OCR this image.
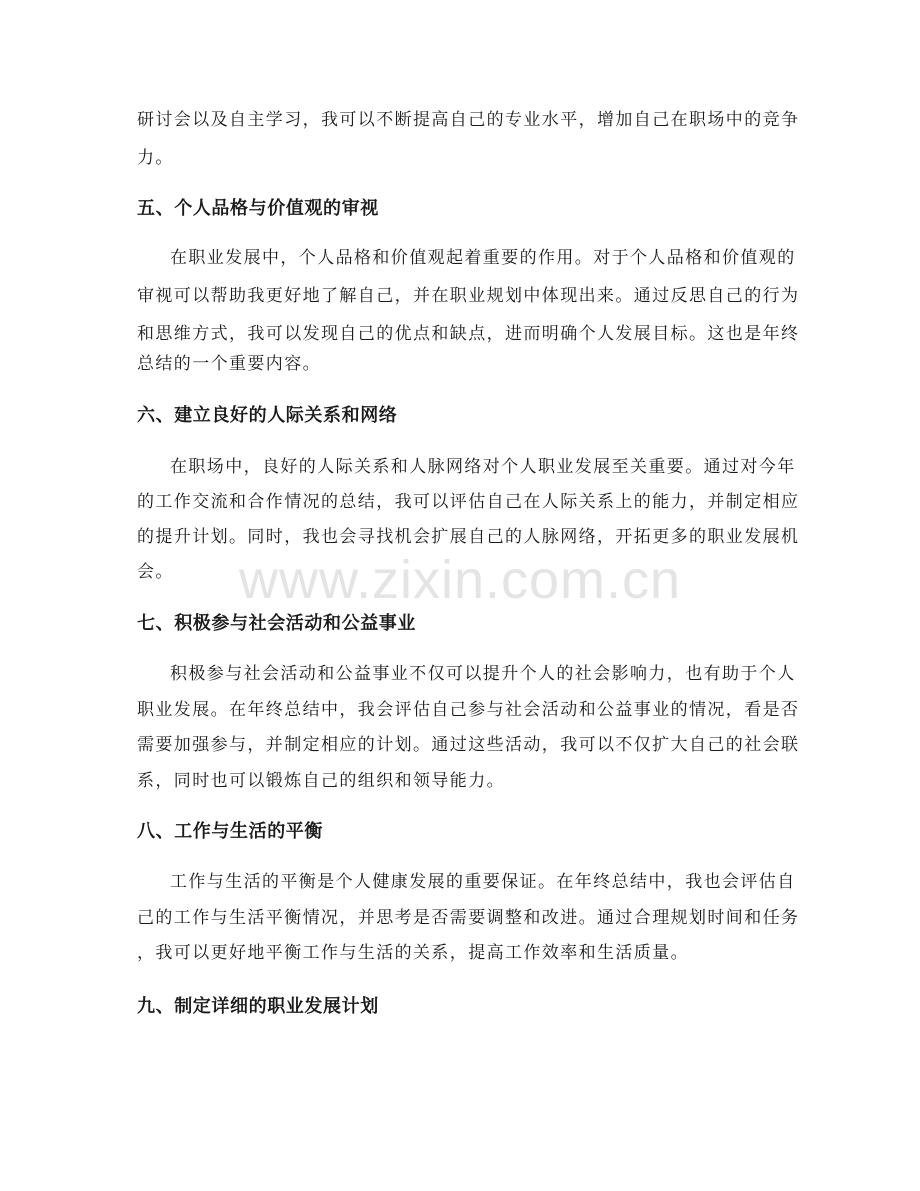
www.zixin.com.cn

研讨会以及自主学习，我可以不断提高自己的专业水平，增加自己在职场中的竞争

力。

五、个人品格与价值观的审视

在职业发展中，个人品格和价值观起着重要的作用。对于个人品格和价值观的

审视可以帮助我更好地了解自己，并在职业规划中体现出来。通过反思自己的行为

和思维方式，我可以发现自己的优点和缺点，进而明确个人发展目标。这也是年终

总结的一个重要内容。

六、建立良好的人际关系和网络

在职场中，良好的人际关系和人脉网络对个人职业发展至关重要。通过对今年

的工作交流和合作情况的总结，我可以评估自己在人际关系上的能力，并制定相应

的提升计划。同时，我也会寻找机会扩展自己的人脉网络，开拓更多的职业发展机

会。

七、积极参与社会活动和公益事业

积极参与社会活动和公益事业不仅可以提升个人的社会影响力，也有助于个人

职业发展。在年终总结中，我会评估自己参与社会活动和公益事业的情况，看是否

需要加强参与，并制定相应的计划。通过这些活动，我可以不仅扩大自己的社会联

系，同时也可以锻炼自己的组织和领导能力。

八、工作与生活的平衡

工作与生活的平衡是个人健康发展的重要保证。在年终总结中，我也会评估自

己的工作与生活平衡情况，并思考是否需要调整和改进。通过合理规划时间和任务

，我可以更好地平衡工作与生活的关系，提高工作效率和生活质量。

九、制定详细的职业发展计划
